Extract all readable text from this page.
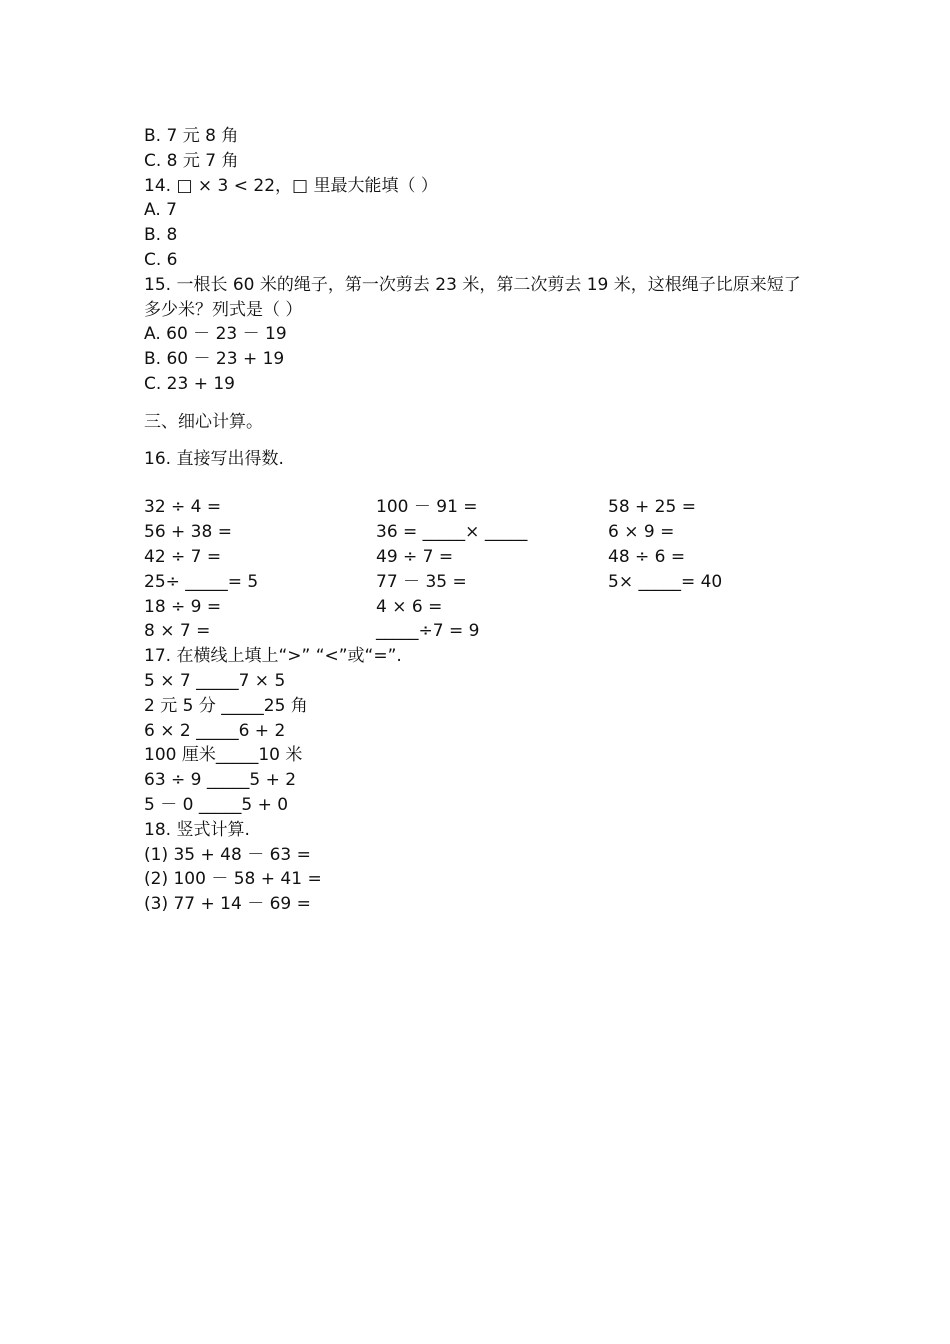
B. 7 元 8 角
C. 8 元 7 角
14. □ × 3 < 22，□ 里最大能填（ ）
A. 7
B. 8
C. 6
15. 一根长 60 米的绳子，第一次剪去 23 米，第二次剪去 19 米，这根绳子比原来短了多少米？列式是（ ）
A. 60 － 23 － 19
B. 60 － 23 + 19
C. 23 + 19
三、细心计算。
16. 直接写出得数.
32 ÷ 4 =	100 － 91 =	58 + 25 =
56 + 38 =	36 = _____× _____	6 × 9 =
42 ÷ 7 =	49 ÷ 7 =	48 ÷ 6 =
25÷ _____= 5	77 － 35 =	5× _____= 40
18 ÷ 9 =	4 × 6 =
8 × 7 =	_____÷7 = 9
17. 在横线上填上“>” “<”或“=”.
5 × 7 _____7 × 5
2 元 5 分 _____25 角
6 × 2 _____6 + 2
100 厘米_____10 米
63 ÷ 9 _____5 + 2
5 － 0 _____5 + 0
18. 竖式计算.
(1) 35 + 48 － 63 =
(2) 100 － 58 + 41 =
(3) 77 + 14 － 69 =
